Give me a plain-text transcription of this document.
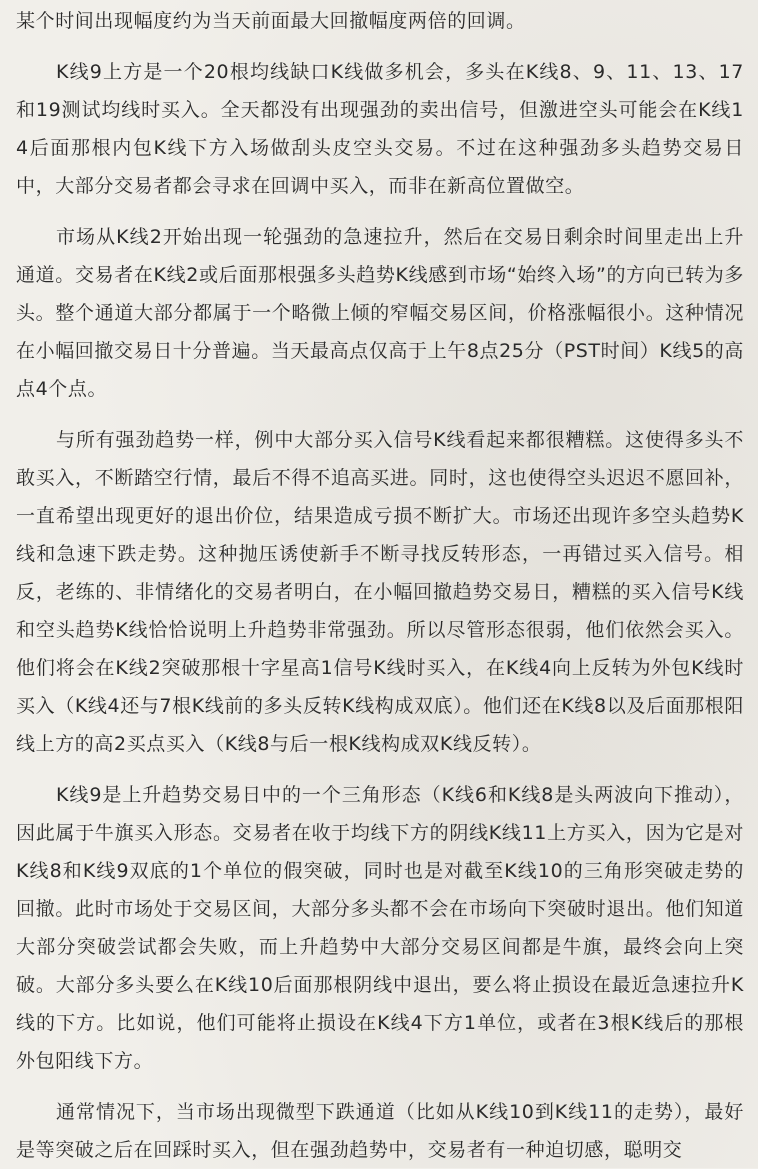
某个时间出现幅度约为当天前面最大回撤幅度两倍的回调。

K线9上方是一个20根均线缺口K线做多机会，多头在K线8、9、11、13、17和19测试均线时买入。全天都没有出现强劲的卖出信号，但激进空头可能会在K线14后面那根内包K线下方入场做刮头皮空头交易。不过在这种强劲多头趋势交易日中，大部分交易者都会寻求在回调中买入，而非在新高位置做空。

市场从K线2开始出现一轮强劲的急速拉升，然后在交易日剩余时间里走出上升通道。交易者在K线2或后面那根强多头趋势K线感到市场“始终入场”的方向已转为多头。整个通道大部分都属于一个略微上倾的窄幅交易区间，价格涨幅很小。这种情况在小幅回撤交易日十分普遍。当天最高点仅高于上午8点25分（PST时间）K线5的高点4个点。

与所有强劲趋势一样，例中大部分买入信号K线看起来都很糟糕。这使得多头不敢买入，不断踏空行情，最后不得不追高买进。同时，这也使得空头迟迟不愿回补，一直希望出现更好的退出价位，结果造成亏损不断扩大。市场还出现许多空头趋势K线和急速下跌走势。这种抛压诱使新手不断寻找反转形态，一再错过买入信号。相反，老练的、非情绪化的交易者明白，在小幅回撤趋势交易日，糟糕的买入信号K线和空头趋势K线恰恰说明上升趋势非常强劲。所以尽管形态很弱，他们依然会买入。他们将会在K线2突破那根十字星高1信号K线时买入，在K线4向上反转为外包K线时买入（K线4还与7根K线前的多头反转K线构成双底）。他们还在K线8以及后面那根阳线上方的高2买点买入（K线8与后一根K线构成双K线反转）。

K线9是上升趋势交易日中的一个三角形态（K线6和K线8是头两波向下推动），因此属于牛旗买入形态。交易者在收于均线下方的阴线K线11上方买入，因为它是对K线8和K线9双底的1个单位的假突破，同时也是对截至K线10的三角形突破走势的回撤。此时市场处于交易区间，大部分多头都不会在市场向下突破时退出。他们知道大部分突破尝试都会失败，而上升趋势中大部分交易区间都是牛旗，最终会向上突破。大部分多头要么在K线10后面那根阴线中退出，要么将止损设在最近急速拉升K线的下方。比如说，他们可能将止损设在K线4下方1单位，或者在3根K线后的那根外包阳线下方。

通常情况下，当市场出现微型下跌通道（比如从K线10到K线11的走势），最好是等突破之后在回踩时买入，但在强劲趋势中，交易者有一种迫切感，聪明交
